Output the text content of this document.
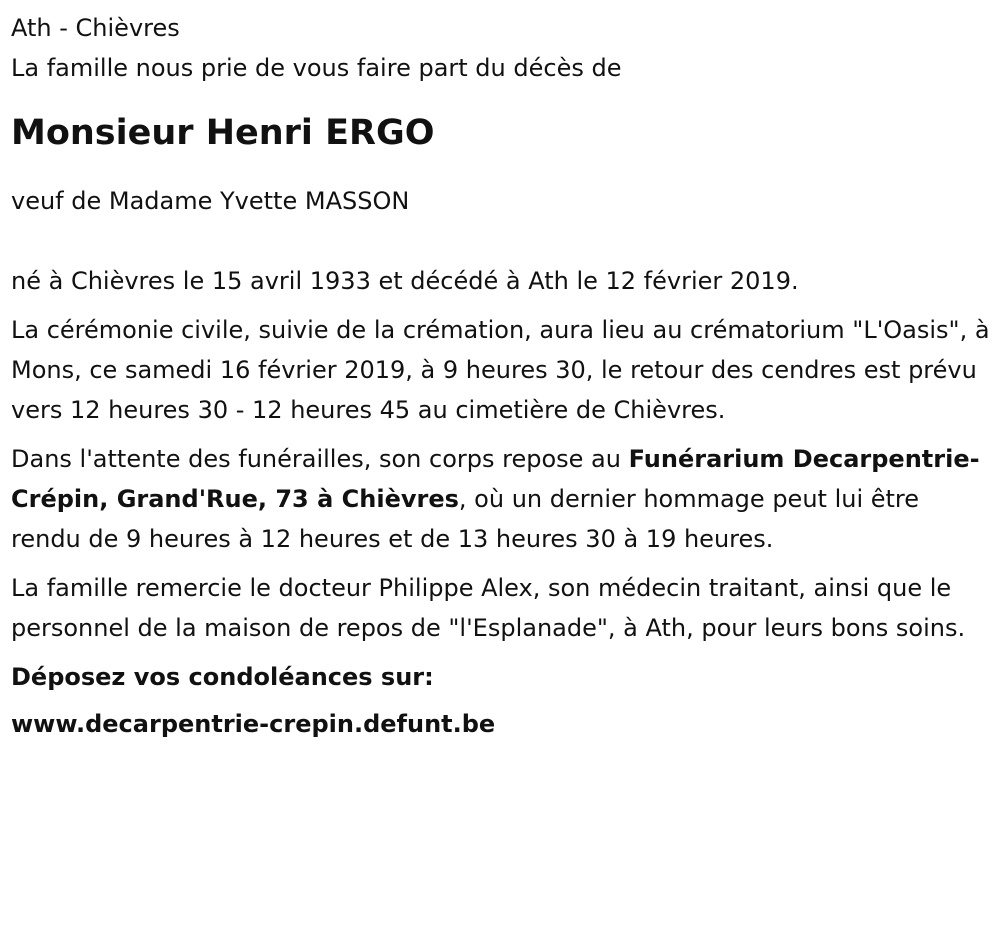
Ath - Chièvres

La famille nous prie de vous faire part du décès de

Monsieur Henri ERGO

veuf de Madame Yvette MASSON

né à Chièvres le 15 avril 1933 et décédé à Ath le 12 février 2019.

La cérémonie civile, suivie de la crémation, aura lieu au crématorium "L'Oasis", à Mons, ce samedi 16 février 2019, à 9 heures 30, le retour des cendres est prévu vers 12 heures 30 - 12 heures 45 au cimetière de Chièvres.

Dans l'attente des funérailles, son corps repose au Funérarium Decarpentrie-Crépin, Grand'Rue, 73 à Chièvres, où un dernier hommage peut lui être rendu de 9 heures à 12 heures et de 13 heures 30 à 19 heures.

La famille remercie le docteur Philippe Alex, son médecin traitant, ainsi que le personnel de la maison de repos de "l'Esplanade", à Ath, pour leurs bons soins.

Déposez vos condoléances sur:

www.decarpentrie-crepin.defunt.be
